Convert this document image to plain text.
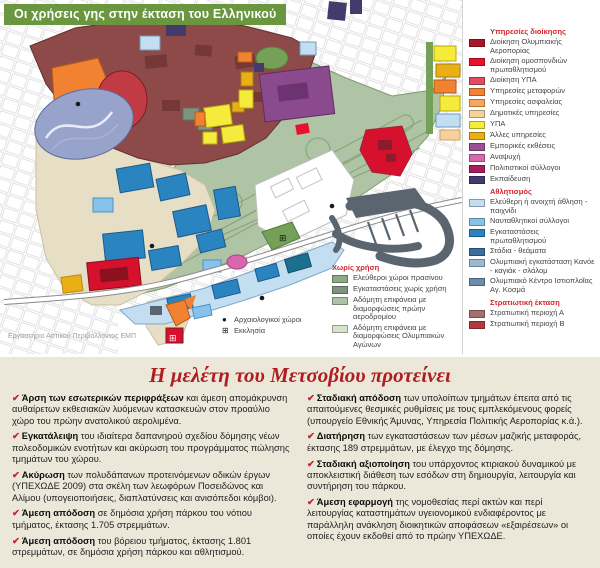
⊞
⊞
Οι χρήσεις γης στην έκταση του Ελληνικού
Χωρίς χρήση
Ελεύθεροι χώροι πρασίνου
Εγκαταστάσεις χωρίς χρήση
Αδόμητη επιφάνεια με διαμορφώσεις πρώην αεροδρομίου
Αδόμητη επιφάνεια με διαμορφώσεις Ολυμπιακών Αγώνων
● Αρχαιολογικοί χώροι
⊞ Εκκλησία
Εργαστήριο Αστικού Περιβάλλοντος ΕΜΠ
Υπηρεσίες διοίκησης
Διοίκηση Ολυμπιακής Αεροπορίας
Διοίκηση ομοσπονδιών πρωταθλητισμού
Διοίκηση ΥΠΑ
Υπηρεσίες μεταφορών
Υπηρεσίες ασφαλείας
Δημοτικές υπηρεσίες
ΥΠΑ
Άλλες υπηρεσίες
Εμπορικές εκθέσεις
Αναψυχή
Πολιτιστικοί σύλλογοι
Εκπαίδευση
Αθλητισμός
Ελεύθερη ή ανοιχτή άθληση - παιχνίδι
Ναυταθλητικοί σύλλογοι
Εγκαταστάσεις πρωταθλητισμού
Στάδια - θεάματα
Ολυμπιακή εγκατάσταση Κανόε - καγιάκ - σλάλομ
Ολυμπιακό Κέντρο Ιστιοπλοΐας Αγ. Κοσμά
Στρατιωτική έκταση
Στρατιωτική περιοχή Α
Στρατιωτική περιοχή Β
Η μελέτη του Μετσοβίου προτείνει
✔ Άρση των εσωτερικών περιφράξεων και άμεση απομάκρυνση αυθαίρετων εκθεσιακών λυόμενων κατασκευών στον προαύλιο χώρο του πρώην ανατολικού αερολιμένα.
✔ Εγκατάλειψη του ιδιαίτερα δαπανηρού σχεδίου δόμησης νέων πολεοδομικών ενοτήτων και ακύρωση του προγράμματος πώλησης τμημάτων του χώρου.
✔ Ακύρωση των πολυδάπανων προτεινόμενων οδικών έργων (ΥΠΕΧΩΔΕ 2009) στα σκέλη των λεωφόρων Ποσειδώνος και Αλίμου (υπογειοποιήσεις, διαπλατύνσεις και ανισόπεδοι κόμβοι).
✔ Άμεση απόδοση σε δημόσια χρήση πάρκου του νότιου τμήματος, έκτασης 1.705 στρεμμάτων.
✔ Άμεση απόδοση του βόρειου τμήματος, έκτασης 1.801 στρεμμάτων, σε δημόσια χρήση πάρκου και αθλητισμού.
✔ Σταδιακή απόδοση των υπολοίπων τμημάτων έπειτα από τις απαιτούμενες θεσμικές ρυθμίσεις με τους εμπλεκόμενους φορείς (υπουργείο Εθνικής Άμυνας, Υπηρεσία Πολιτικής Αεροπορίας κ.ά.).
✔ Διατήρηση των εγκαταστάσεων των μέσων μαζικής μεταφοράς, έκτασης 189 στρεμμάτων, με έλεγχο της δόμησης.
✔ Σταδιακή αξιοποίηση του υπάρχοντος κτιριακού δυναμικού με αποκλειστική διάθεση των εσόδων στη δημιουργία, λειτουργία και συντήρηση του πάρκου.
✔ Άμεση εφαρμογή της νομοθεσίας περί ακτών και περί λειτουργίας καταστημάτων υγειονομικού ενδιαφέροντος με παράλληλη ανάκληση διοικητικών αποφάσεων «εξαιρέσεων» οι οποίες έχουν εκδοθεί από το πρώην ΥΠΕΧΩΔΕ.
